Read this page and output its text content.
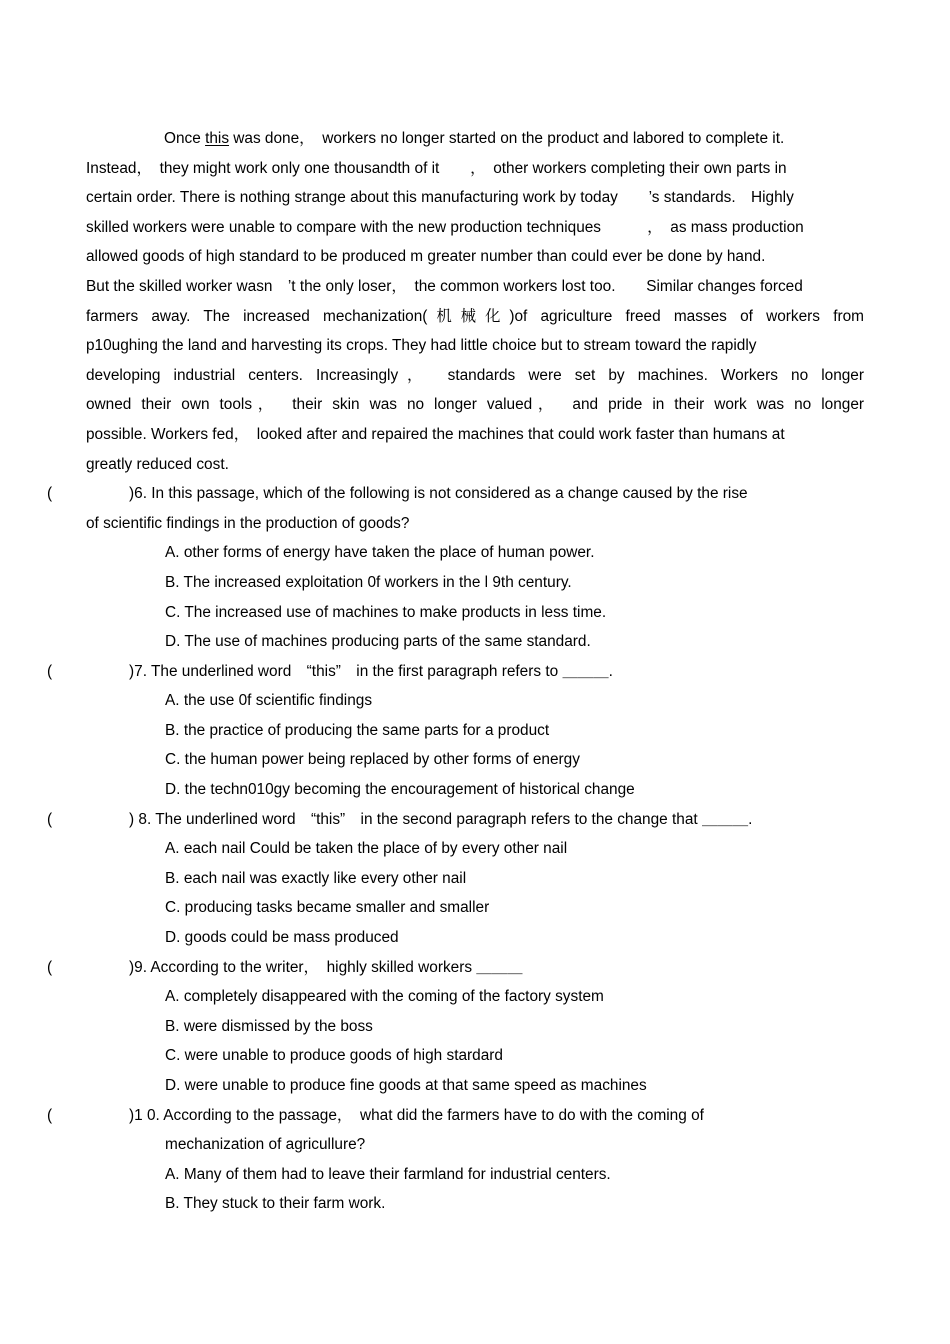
Once this was done，　workers no longer started on the product and labored to complete it.
Instead，　they might work only one thousandth of it　　，　other workers completing their own parts in
certain order. There is nothing strange about this manufacturing work by today　　’s standards.　Highly
skilled workers were unable to compare with the new production techniques　　　，　as mass production
allowed goods of high standard to be produced m greater number than could ever be done by hand.
But the skilled worker wasn　’t the only loser，　the common workers lost too.　　Similar changes forced
farmers away. The increased mechanization(机械化)of agriculture freed masses of workers from
p10ughing the land and harvesting its crops. They had little choice but to stream toward the rapidly
developing industrial centers. Increasingly，　standards were set by machines. Workers no longer
owned their own tools，　their skin was no longer valued，　and pride in their work was no longer
possible. Workers fed，　looked after and repaired the machines that could work faster than humans at
greatly reduced cost.

(	)6. In this passage, which of the following is not considered as a change caused by the rise

of scientific findings in the production of goods?

A. other forms of energy have taken the place of human power.

B. The increased exploitation 0f workers in the l 9th century.

C. The increased use of machines to make products in less time.

D. The use of machines producing parts of the same standard.

(	)7. The underlined word　“this”　in the first paragraph refers to ＿＿＿.

A. the use 0f scientific findings

B. the practice of producing the same parts for a product

C. the human power being replaced by other forms of energy

D. the techn010gy becoming the encouragement of historical change

(	) 8. The underlined word　“this”　in the second paragraph refers to the change that ＿＿＿.

A. each nail Could be taken the place of by every other nail

B. each nail was exactly like every other nail

C. producing tasks became smaller and smaller

D. goods could be mass produced

(	)9. According to the writer，　highly skilled workers ＿＿＿

A. completely disappeared with the coming of the factory system

B. were dismissed by the boss

C. were unable to produce goods of high stardard

D. were unable to produce fine goods at that same speed as machines

(	)1 0. According to the passage，　what did the farmers have to do with the coming of

mechanization of agricullure?

A. Many of them had to leave their farmland for industrial centers.

B. They stuck to their farm work.
